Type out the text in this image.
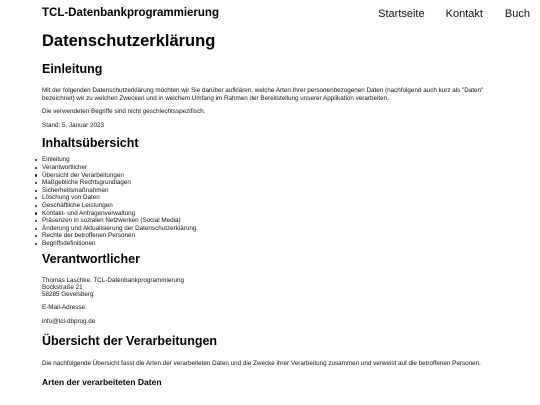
TCL-Datenbankprogrammierung	Startseite Kontakt Buch
Datenschutzerklärung
Einleitung

Mit der folgenden Datenschutzerklärung möchten wir Sie darüber aufklären, welche Arten Ihrer personenbezogenen Daten (nachfolgend auch kurz als "Daten" bezeichnet) wir zu welchen Zwecken und in welchem Umfang im Rahmen der Bereitstellung unserer Applikation verarbeiten.

Die verwendeten Begriffe sind nicht geschlechtsspezifisch.

Stand: 5. Januar 2023

Inhaltsübersicht
Einleitung
Verantwortlicher
Übersicht der Verarbeitungen
Maßgebliche Rechtsgrundlagen
Sicherheitsmaßnahmen
Löschung von Daten
Geschäftliche Leistungen
Kontakt- und Anfragenverwaltung
Präsenzen in sozialen Netzwerken (Social Media)
Änderung und Aktualisierung der Datenschutzerklärung
Rechte der betroffenen Personen
Begriffsdefinitionen
Verantwortlicher

Thomas Laschke, TCL-Datenbankprogrammierung

Bockstraße 21

58285 Gevelsberg

E-Mail-Adresse:

info@tcl-dbprog.de

Übersicht der Verarbeitungen

Die nachfolgende Übersicht fasst die Arten der verarbeiteten Daten und die Zwecke ihrer Verarbeitung zusammen und verweist auf die betroffenen Personen.

Arten der verarbeiteten Daten
